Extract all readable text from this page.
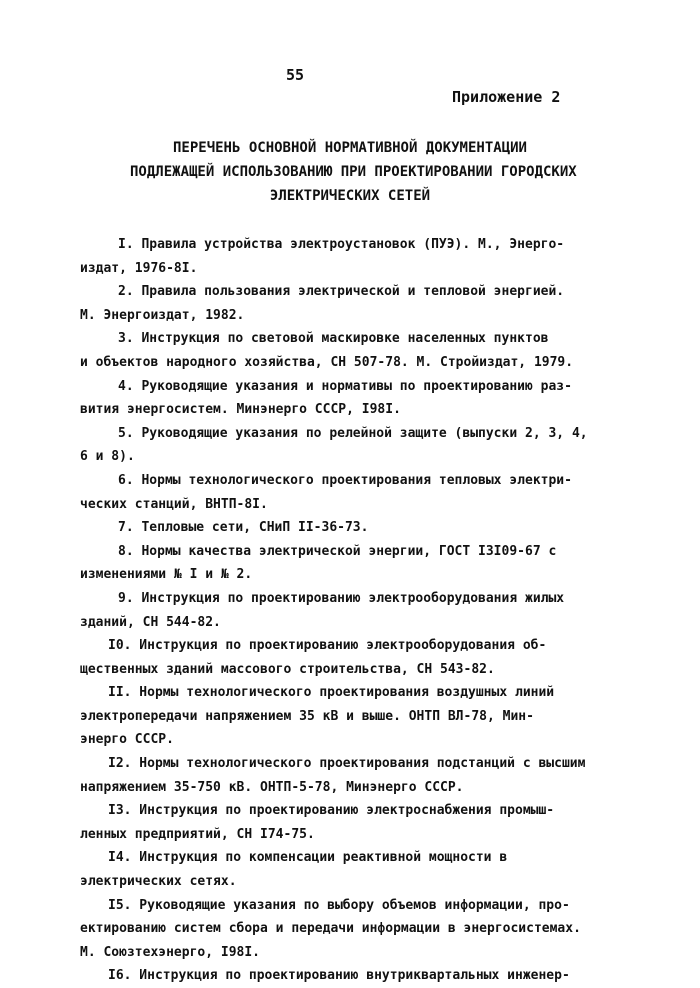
55
Приложение 2
ПЕРЕЧЕНЬ ОСНОВНОЙ НОРМАТИВНОЙ ДОКУМЕНТАЦИИ
ПОДЛЕЖАЩЕЙ ИСПОЛЬЗОВАНИЮ ПРИ ПРОЕКТИРОВАНИИ ГОРОДСКИХ
ЭЛЕКТРИЧЕСКИХ СЕТЕЙ
I. Правила устройства электроустановок (ПУЭ). М., Энерго-
издат, 1976-8I.
2. Правила пользования электрической и тепловой энергией.
М. Энергоиздат, 1982.
3. Инструкция по световой маскировке населенных пунктов
и объектов народного хозяйства, СН 507-78. М. Стройиздат, 1979.
4. Руководящие указания и нормативы по проектированию раз-
вития энергосистем. Минэнерго СССР, I98I.
5. Руководящие указания по релейной защите (выпуски 2, 3, 4,
6 и 8).
6. Нормы технологического проектирования тепловых электри-
ческих станций, ВНТП-8I.
7. Тепловые сети, СНиП II-36-73.
8. Нормы качества электрической энергии, ГОСТ I3I09-67 с
изменениями № I и № 2.
9. Инструкция по проектированию электрооборудования жилых
зданий, СН 544-82.
I0. Инструкция по проектированию электрооборудования об-
щественных зданий массового строительства, СН 543-82.
II. Нормы технологического проектирования воздушных линий
электропередачи напряжением 35 кВ и выше. ОНТП ВЛ-78, Мин-
энерго СССР.
I2. Нормы технологического проектирования подстанций с высшим
напряжением 35-750 кВ. ОНТП-5-78, Минэнерго СССР.
I3. Инструкция по проектированию электроснабжения промыш-
ленных предприятий, СН I74-75.
I4. Инструкция по компенсации реактивной мощности в
электрических сетях.
I5. Руководящие указания по выбору объемов информации, про-
ектированию систем сбора и передачи информации в энергосистемах.
М. Союзтехэнерго, I98I.
I6. Инструкция по проектированию внутриквартальных инженер-
